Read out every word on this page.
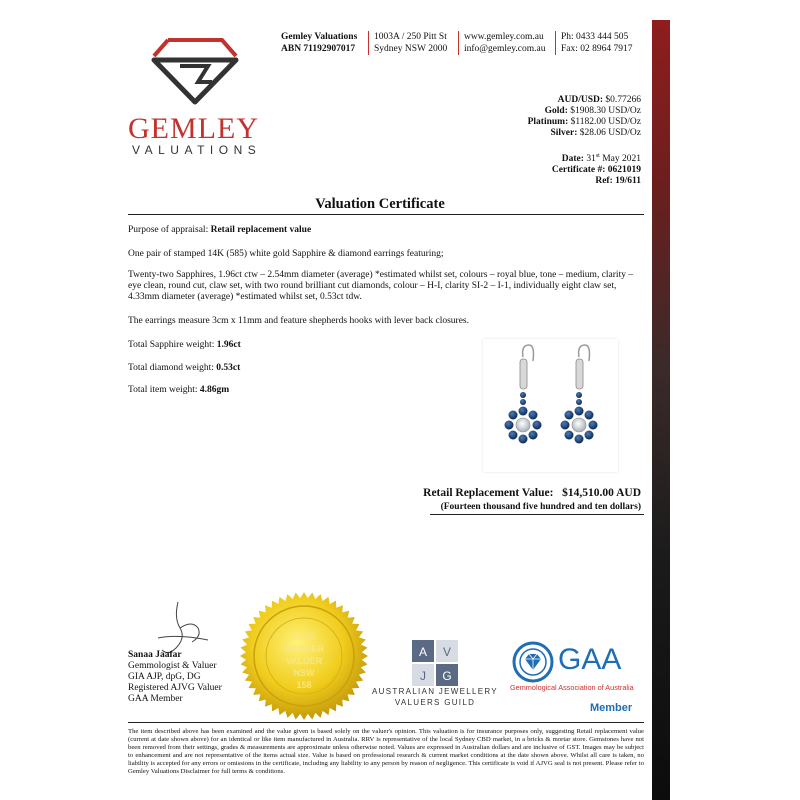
GEMLEY
VALUATIONS
Gemley Valuations
ABN 71192907017
1003A / 250 Pitt St
Sydney NSW 2000
www.gemley.com.au
info@gemley.com.au
Ph: 0433 444 505
Fax: 02 8964 7917
AUD/USD: $0.77266
Gold: $1908.30 USD/Oz
Platinum: $1182.00 USD/Oz
Silver: $28.06 USD/Oz
Date: 31st May 2021
Certificate #: 0621019
Ref: 19/611
Valuation Certificate
Purpose of appraisal: Retail replacement value
One pair of stamped 14K (585) white gold Sapphire & diamond earrings featuring;
Twenty-two Sapphires, 1.96ct ctw – 2.54mm diameter (average) *estimated whilst set, colours – royal blue, tone – medium, clarity – eye clean, round cut, claw set, with two round brilliant cut diamonds, colour – H-I, clarity SI-2 – I-1, individually eight claw set, 4.33mm diameter (average) *estimated whilst set, 0.53ct tdw.
The earrings measure 3cm x 11mm and feature shepherds hooks with lever back closures.
Total Sapphire weight: 1.96ct
Total diamond weight: 0.53ct
Total item weight: 4.86gm
Retail Replacement Value: $14,510.00 AUD
(Fourteen thousand five hundred and ten dollars)
Sanaa Jaafar
Gemmologist & Valuer
GIA AJP, dpG, DG
Registered AJVG Valuer
GAA Member
AJVG
MEMBER
VALUER
NSW
158
A V
J G
AUSTRALIAN JEWELLERY
VALUERS GUILD
GAA
Gemmological Association of Australia
Member
The item described above has been examined and the value given is based solely on the valuer's opinion. This valuation is for insurance purposes only, suggesting Retail replacement value (current at date shown above) for an identical or like item manufactured in Australia. RRV is representative of the local Sydney CBD market, in a bricks & mortar store. Gemstones have not been removed from their settings, grades & measurements are approximate unless otherwise noted. Values are expressed in Australian dollars and are inclusive of GST. Images may be subject to enhancement and are not representative of the items actual size. Value is based on professional research & current market conditions at the date shown above. Whilst all care is taken, no liability is accepted for any errors or omissions in the certificate, including any liability to any person by reason of negligence. This certificate is void if AJVG seal is not present. Please refer to Gemley Valuations Disclaimer for full terms & conditions.
